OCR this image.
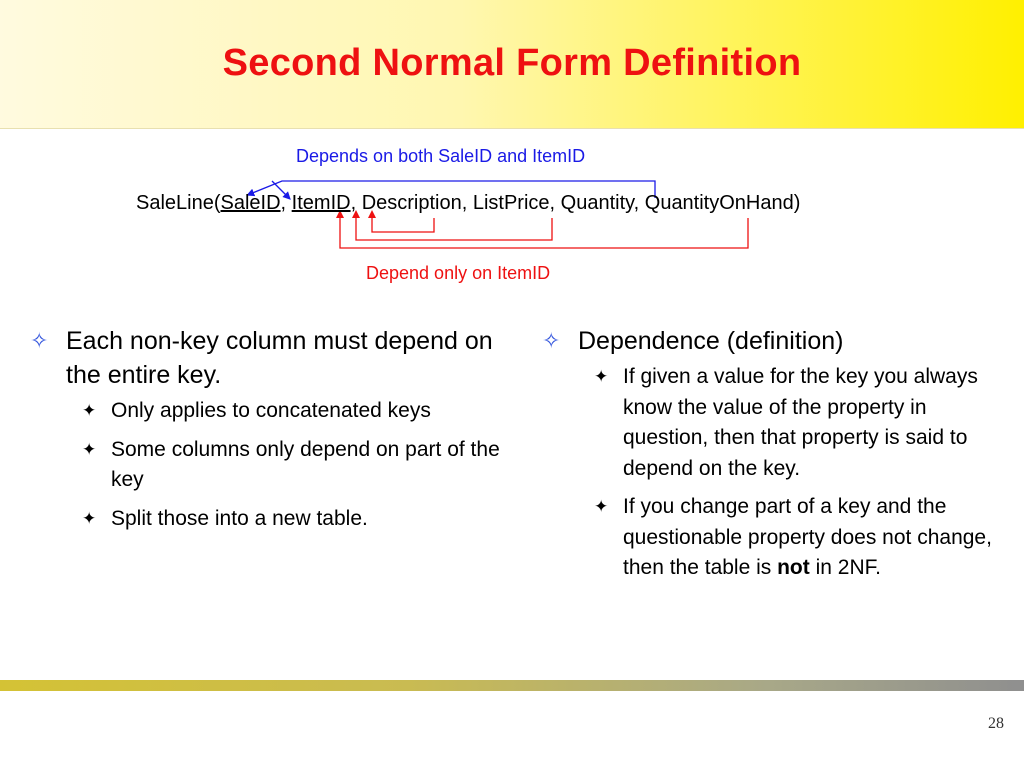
Second Normal Form Definition
Depends on both SaleID and ItemID
SaleLine(SaleID, ItemID, Description, ListPrice, Quantity, QuantityOnHand)
Depend only on ItemID
✧ Each non-key column must depend on the entire key.
✦ Only applies to concatenated keys
✦ Some columns only depend on part of the key
✦ Split those into a new table.
✧ Dependence (definition)
✦ If given a value for the key you always know the value of the property in question, then that property is said to depend on the key.
✦ If you change part of a key and the questionable property does not change, then the table is not in 2NF.
28
